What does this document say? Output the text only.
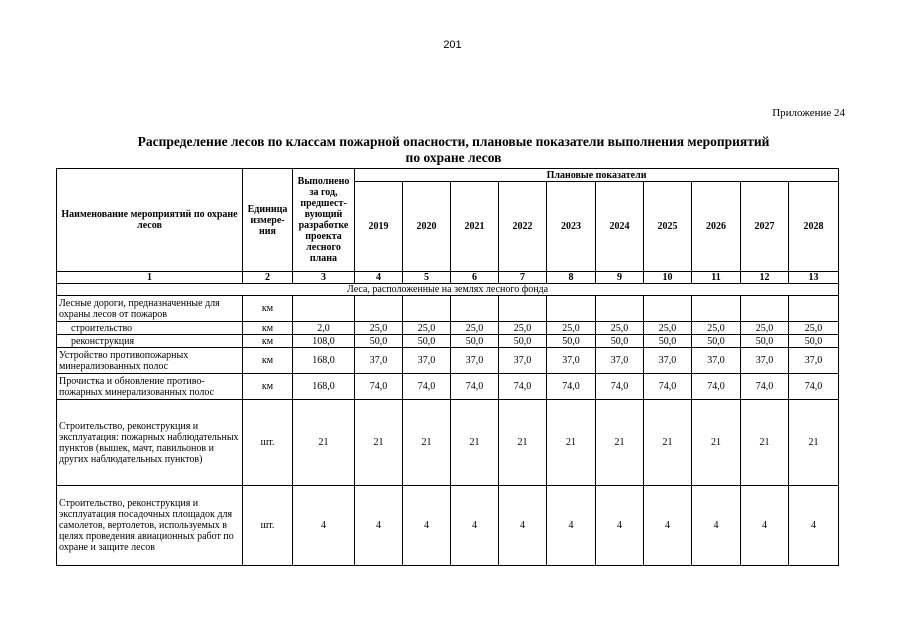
201
Приложение 24
Распределение лесов по классам пожарной опасности, плановые показатели выполнения мероприятий
по охране лесов
Наименование мероприятий по охране лесов	Единица измере-ния	Выполнено за год, предшест-вующий разработке проекта лесного плана	Плановые показатели									
			2019	2020	2021	2022	2023	2024	2025	2026	2027	2028
1	2	3	4	5	6	7	8	9	10	11	12	13
Леса, расположенные на землях лесного фонда												
Лесные дороги, предназначенные для охраны лесов от пожаров	км											
строительство	км	2,0	25,0	25,0	25,0	25,0	25,0	25,0	25,0	25,0	25,0	25,0
реконструкция	км	108,0	50,0	50,0	50,0	50,0	50,0	50,0	50,0	50,0	50,0	50,0
Устройство противопожарных минерализованных полос	км	168,0	37,0	37,0	37,0	37,0	37,0	37,0	37,0	37,0	37,0	37,0
Прочистка и обновление противо-пожарных минерализованных полос	км	168,0	74,0	74,0	74,0	74,0	74,0	74,0	74,0	74,0	74,0	74,0
Строительство, реконструкция и эксплуатация: пожарных наблюдательных пунктов (вышек, мачт, павильонов и других наблюдательных пунктов)	шт.	21	21	21	21	21	21	21	21	21	21	21
Строительство, реконструкция и эксплуатация посадочных площадок для самолетов, вертолетов, используемых в целях проведения авиационных работ по охране и защите лесов	шт.	4	4	4	4	4	4	4	4	4	4	4
